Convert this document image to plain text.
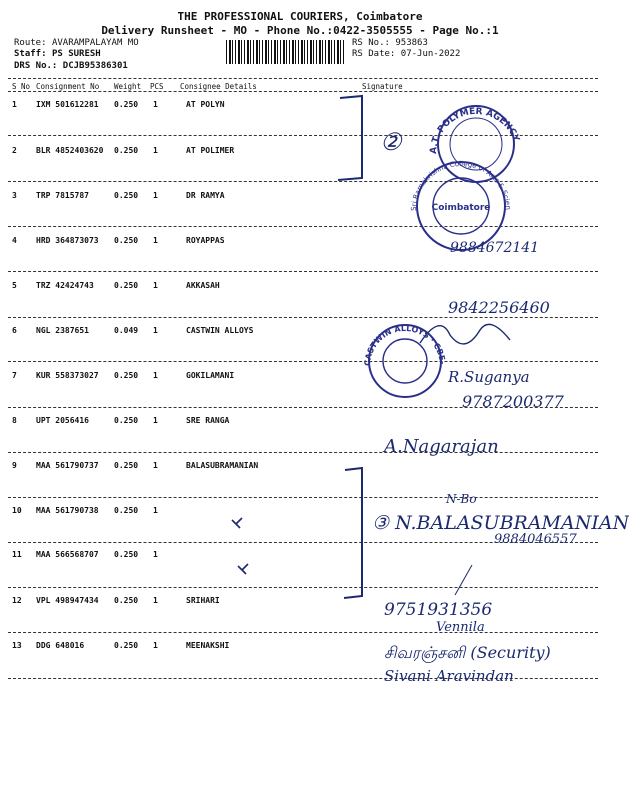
THE PROFESSIONAL COURIERS, Coimbatore
Delivery Runsheet - MO - Phone No.:0422-3505555 - Page No.:1
Route: AVARAMPALAYAM MO
Staff: PS SURESH
DRS No.: DCJB95386301
RS No.: 953863
RS Date: 07-Jun-2022
S No Consignment No Weight PCS Consignee Details	Signature
1 IXM 501612281 0.250 1	AT POLYN
2 BLR 4852403620 0.250 1	AT POLIMER
3 TRP 7815787	0.250 1	DR RAMYA
4 HRD 364873073 0.250 1	ROYAPPAS
5 TRZ 42424743	0.250 1	AKKASAH
6 NGL 2387651	0.049 1	CASTWIN ALLOYS
7 KUR 558373027 0.250 1	GOKILAMANI
8 UPT 2056416	0.250 1	SRE RANGA
9 MAA 561790737 0.250 1	BALASUBRAMANIAN
10 MAA 561790738 0.250 1
11 MAA 566568707 0.250 1
12 VPL 498947434 0.250 1	SRIHARI
13 DDG 648016	0.250 1	MEENAKSHI
A.T. POLYMER AGENCY
Sri Ramakrishna College of Arts & Science · Autonomous
Coimbatore
CASTWIN ALLOYS · CBE-6
②
9884672141
9842256460
R.Suganya
9787200377
A.Nagarajan
N-Bo
③ N.BALASUBRAMANIAN
9884046557
9751931356
Vennila
சிவரஞ்சனி (Security)
Sivani Aravindan
